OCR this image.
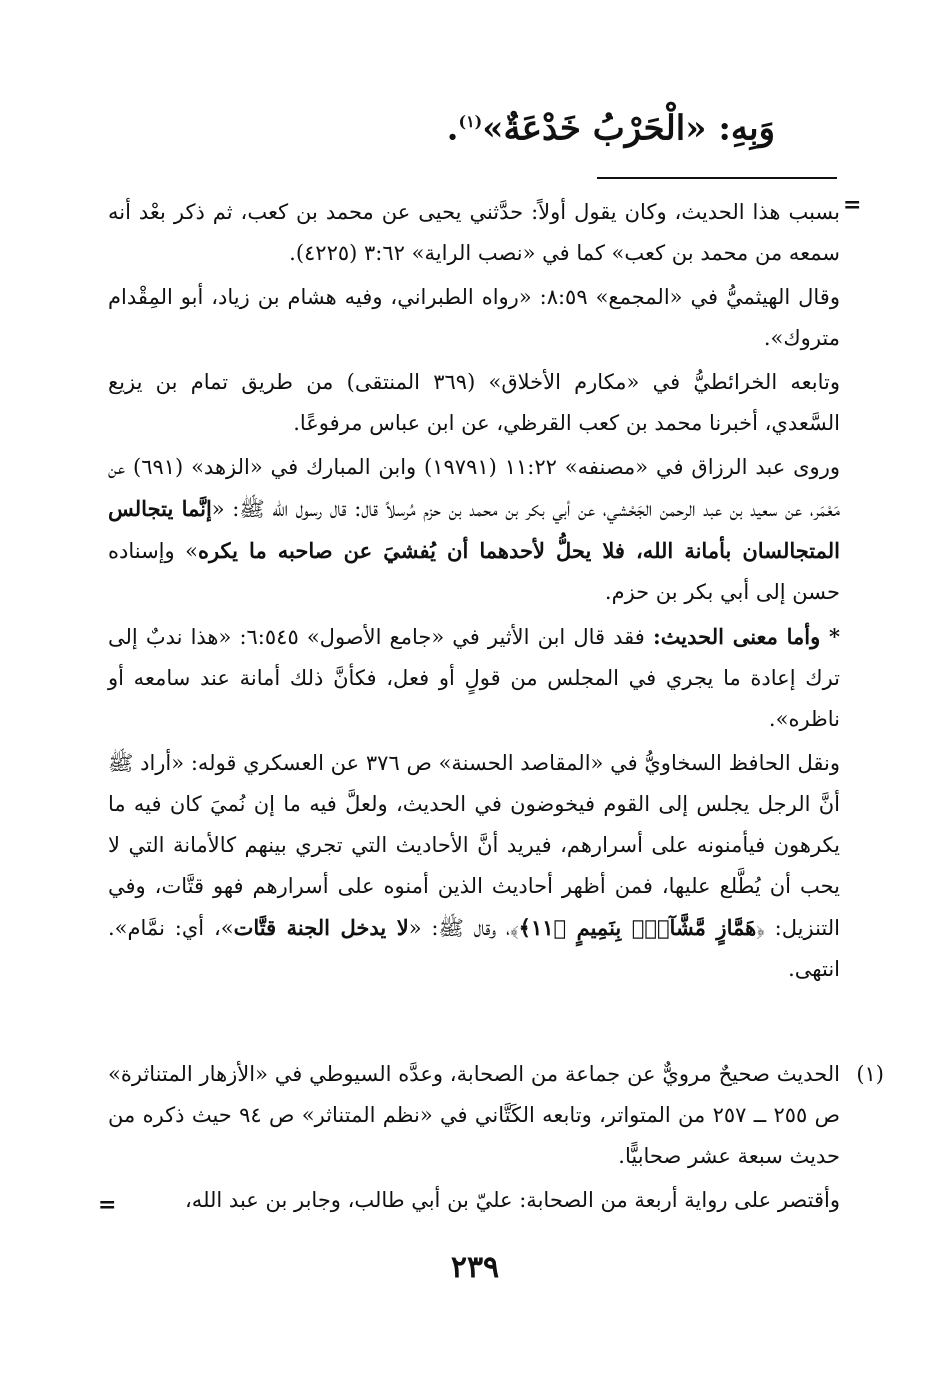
وَبِهِ: «الْحَرْبُ خَدْعَةٌ»$^{(١)}$.
=

بسبب هذا الحديث، وكان يقول أولاً: حدَّثني يحيى عن محمد بن كعب، ثم ذكر بعْد أنه سمعه من محمد بن كعب» كما في «نصب الراية» ٣:٦٢ (٤٢٢٥).

وقال الهيثميُّ في «المجمع» ٨:٥٩: «رواه الطبراني، وفيه هشام بن زياد، أبو المِقْدام متروك».

وتابعه الخرائطيُّ في «مكارم الأخلاق» (٣٦٩ المنتقى) من طريق تمام بن يزيع السَّعدي، أخبرنا محمد بن كعب القرظي، عن ابن عباس مرفوعًا.

وروى عبد الرزاق في «مصنفه» ١١:٢٢ (١٩٧٩١) وابن المبارك في «الزهد» (٦٩١) عن مَعْمَر، عن سعيد بن عبد الرحمن الجَحْشي، عن أبي بكر بن محمد بن حزم مُرسلاً قال: قال رسول الله ﷺ: «إنَّما يتجالس المتجالسان بأمانة الله، فلا يحلُّ لأحدهما أن يُفشيَ عن صاحبه ما يكره» وإسناده حسن إلى أبي بكر بن حزم.

* وأما معنى الحديث: فقد قال ابن الأثير في «جامع الأصول» ٦:٥٤٥: «هذا ندبٌ إلى ترك إعادة ما يجري في المجلس من قولٍ أو فعل، فكأنَّ ذلك أمانة عند سامعه أو ناظره».

ونقل الحافظ السخاويُّ في «المقاصد الحسنة» ص ٣٧٦ عن العسكري قوله: «أراد ﷺ أنَّ الرجل يجلس إلى القوم فيخوضون في الحديث، ولعلَّ فيه ما إن نُميَ كان فيه ما يكرهون فيأمنونه على أسرارهم، فيريد أنَّ الأحاديث التي تجري بينهم كالأمانة التي لا يحب أن يُطَّلع عليها، فمن أظهر أحاديث الذين أمنوه على أسرارهم فهو قتَّات، وفي التنزيل: ﴿هَمَّازٍ مَّشَّآءِۭ بِنَمِيمٍ ﴿١١﴾﴾، وقال ﷺ: «لا يدخل الجنة قتَّات»، أي: نمَّام». انتهى.

(١)

الحديث صحيحٌ مرويٌّ عن جماعة من الصحابة، وعدَّه السيوطي في «الأزهار المتناثرة» ص ٢٥٥ ــ ٢٥٧ من المتواتر، وتابعه الكَتَّاني في «نظم المتناثر» ص ٩٤ حيث ذكره من حديث سبعة عشر صحابيًّا.

وأقتصر على رواية أربعة من الصحابة: عليّ بن أبي طالب، وجابر بن عبد الله،

=
٢٣٩
